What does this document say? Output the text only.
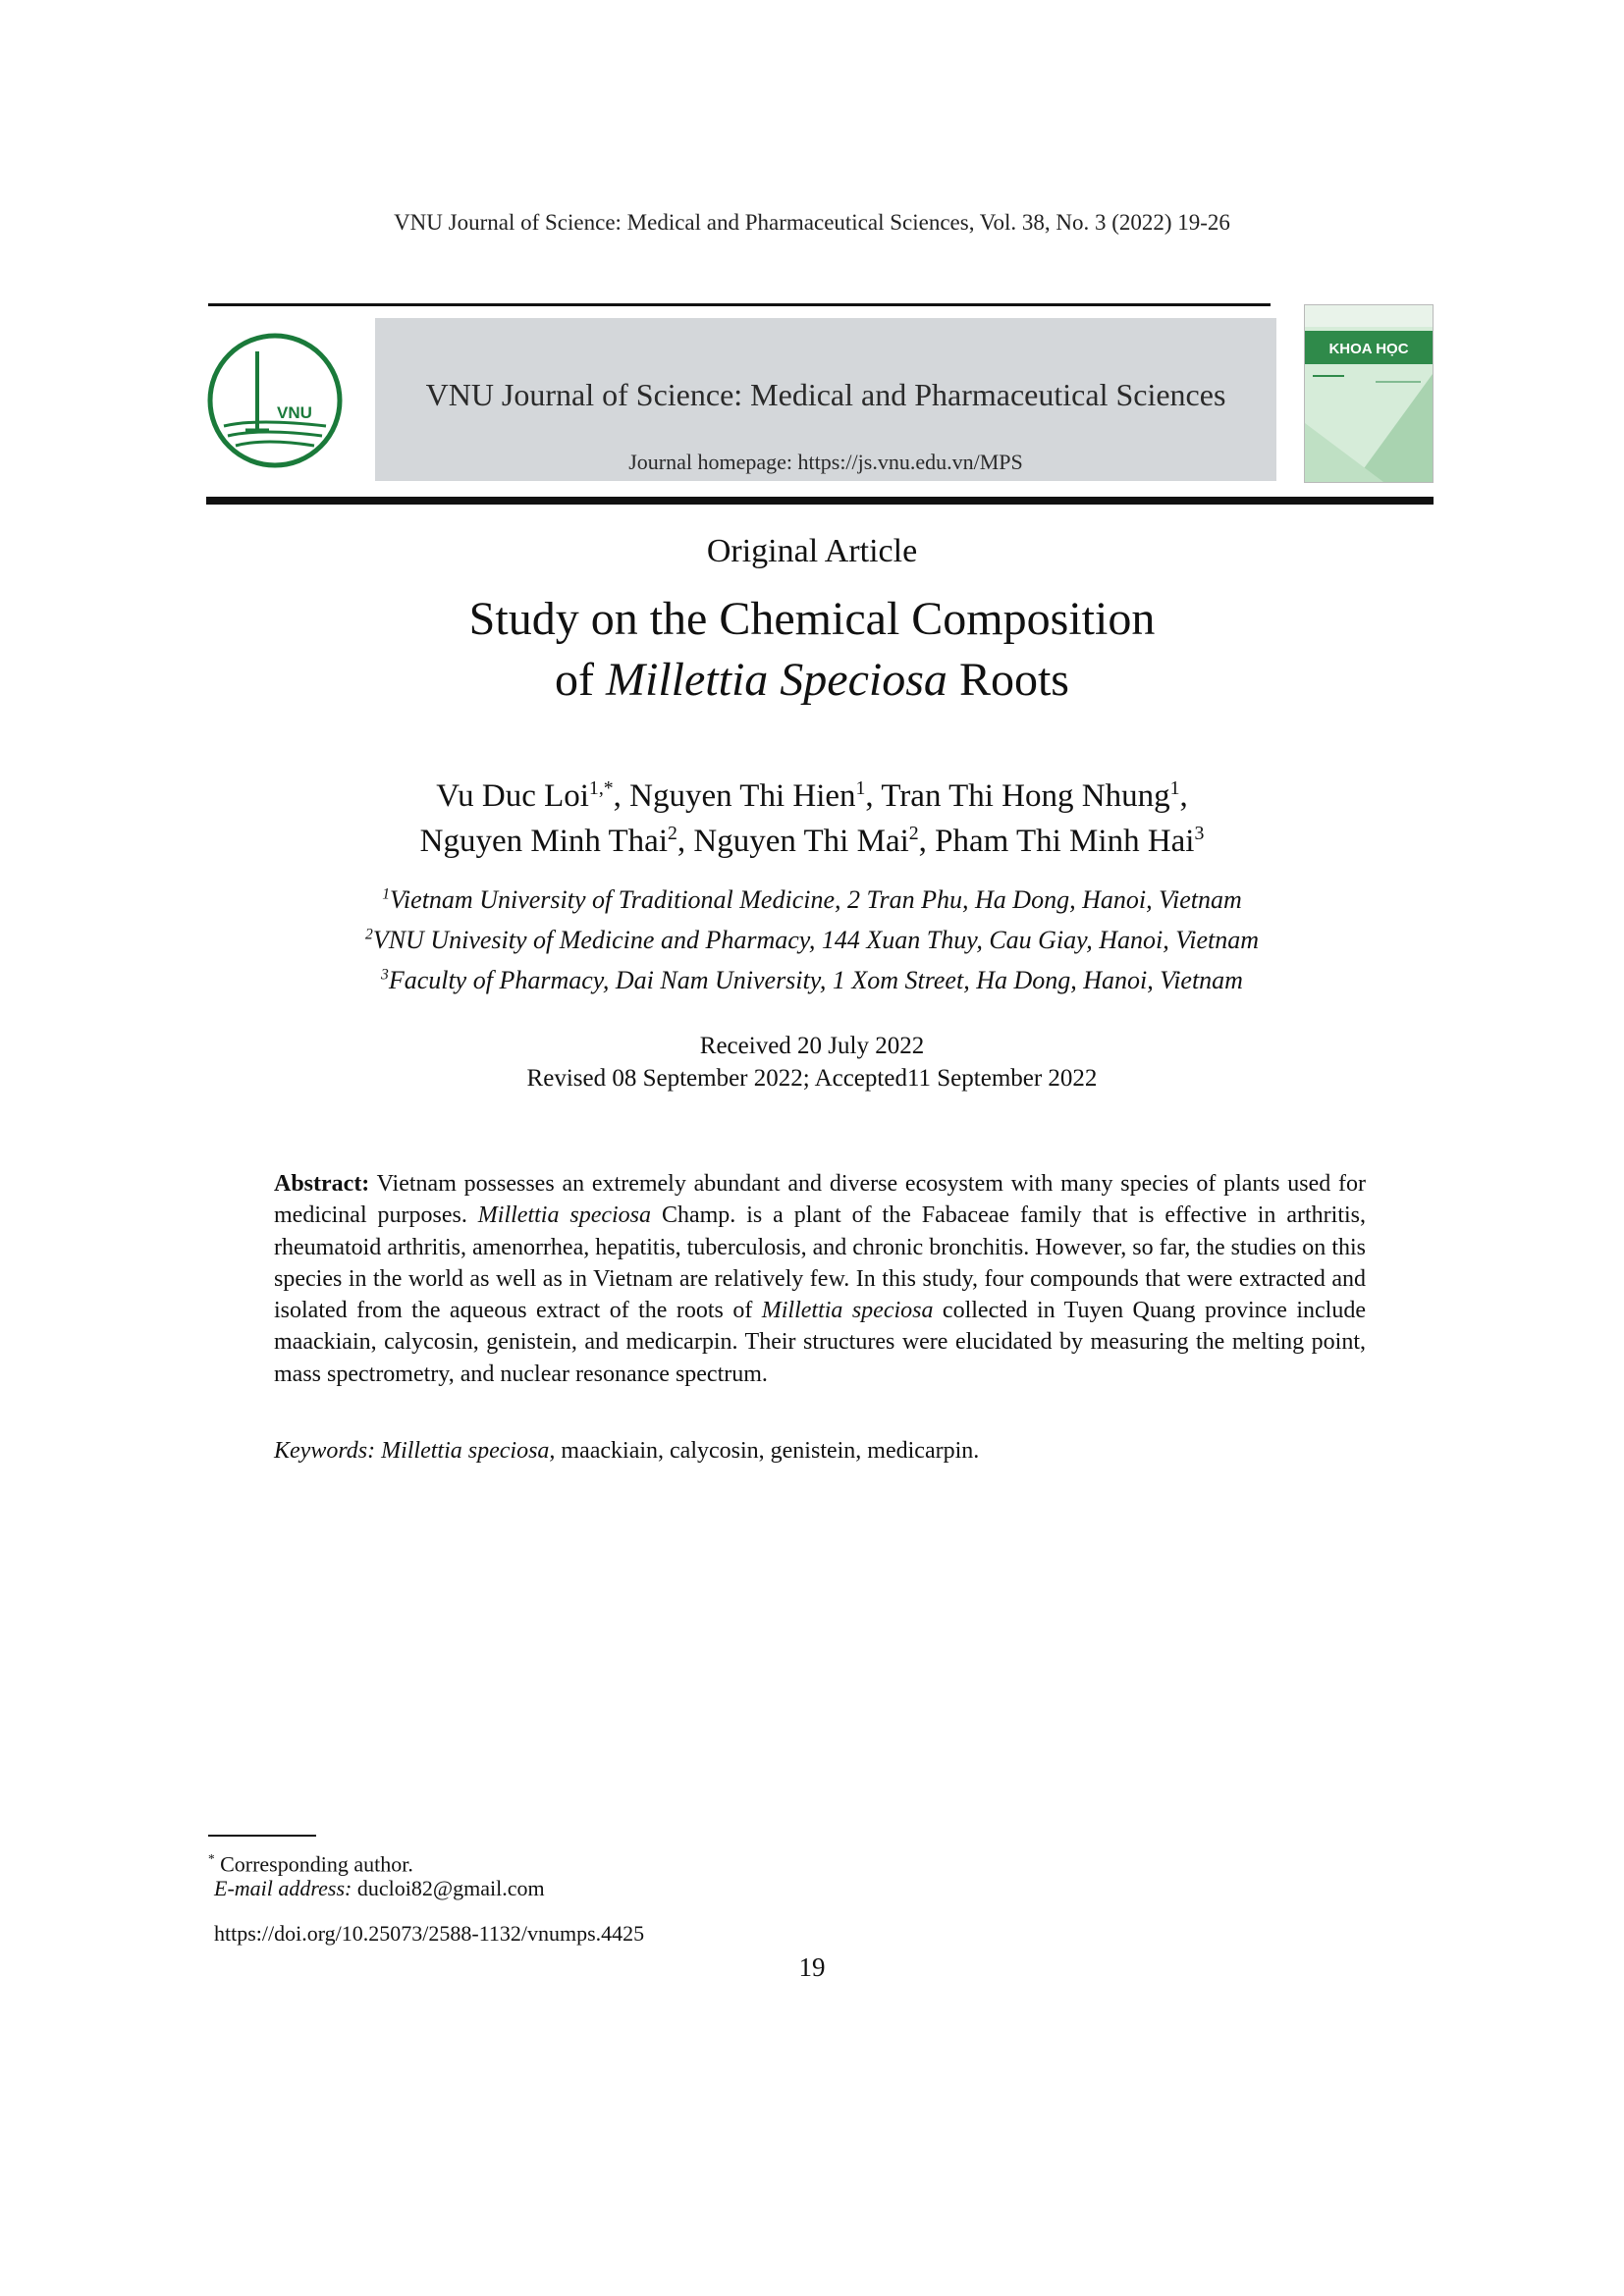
VNU Journal of Science: Medical and Pharmaceutical Sciences, Vol. 38, No. 3 (2022) 19-26
VNU
VNU Journal of Science: Medical and Pharmaceutical Sciences
Journal homepage: https://js.vnu.edu.vn/MPS
KHOA HỌC
Original Article
Study on the Chemical Composition
of Millettia Speciosa Roots
Vu Duc Loi$^{1,*}$, Nguyen Thi Hien$^1$, Tran Thi Hong Nhung$^1$,
Nguyen Minh Thai$^2$, Nguyen Thi Mai$^2$, Pham Thi Minh Hai$^3$
$^1$Vietnam University of Traditional Medicine, 2 Tran Phu, Ha Dong, Hanoi, Vietnam
$^2$VNU Univesity of Medicine and Pharmacy, 144 Xuan Thuy, Cau Giay, Hanoi, Vietnam
$^3$Faculty of Pharmacy, Dai Nam University, 1 Xom Street, Ha Dong, Hanoi, Vietnam
Received 20 July 2022
Revised 08 September 2022; Accepted11 September 2022
Abstract: Vietnam possesses an extremely abundant and diverse ecosystem with many species of plants used for medicinal purposes. Millettia speciosa Champ. is a plant of the Fabaceae family that is effective in arthritis, rheumatoid arthritis, amenorrhea, hepatitis, tuberculosis, and chronic bronchitis. However, so far, the studies on this species in the world as well as in Vietnam are relatively few. In this study, four compounds that were extracted and isolated from the aqueous extract of the roots of Millettia speciosa collected in Tuyen Quang province include maackiain, calycosin, genistein, and medicarpin. Their structures were elucidated by measuring the melting point, mass spectrometry, and nuclear resonance spectrum.
Keywords: Millettia speciosa, maackiain, calycosin, genistein, medicarpin.
* Corresponding author.
E-mail address: ducloi82@gmail.com
https://doi.org/10.25073/2588-1132/vnumps.4425
19
